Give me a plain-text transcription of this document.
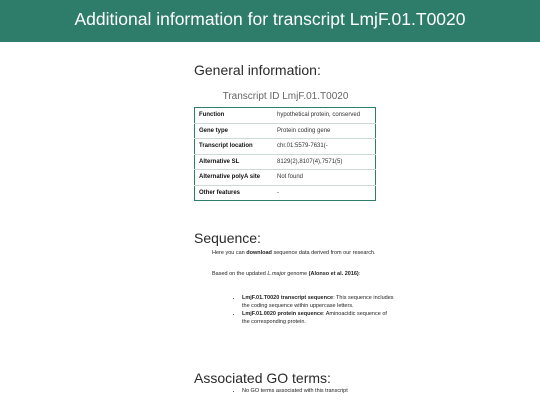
Additional information for transcript LmjF.01.T0020
General information:
Transcript ID LmjF.01.T0020
Function	hypothetical protein, conserved
Gene type	Protein coding gene
Transcript location	chr.01:5579-7631(-
Alternative SL	8129(2),8107(4),7571(5)
Alternative polyA site	Not found
Other features	-
Sequence:
Here you can download sequence data derived from our research.
Based on the updated L.major genome (Alonso et al. 2016):
• LmjF.01.T0020 transcript sequence: This sequence includes the coding sequence within uppercase letters.
• LmjF.01.0020 protein sequence: Aminoacidic sequence of the corresponding protein.
Associated GO terms:
• No GO terms associated with this transcript
